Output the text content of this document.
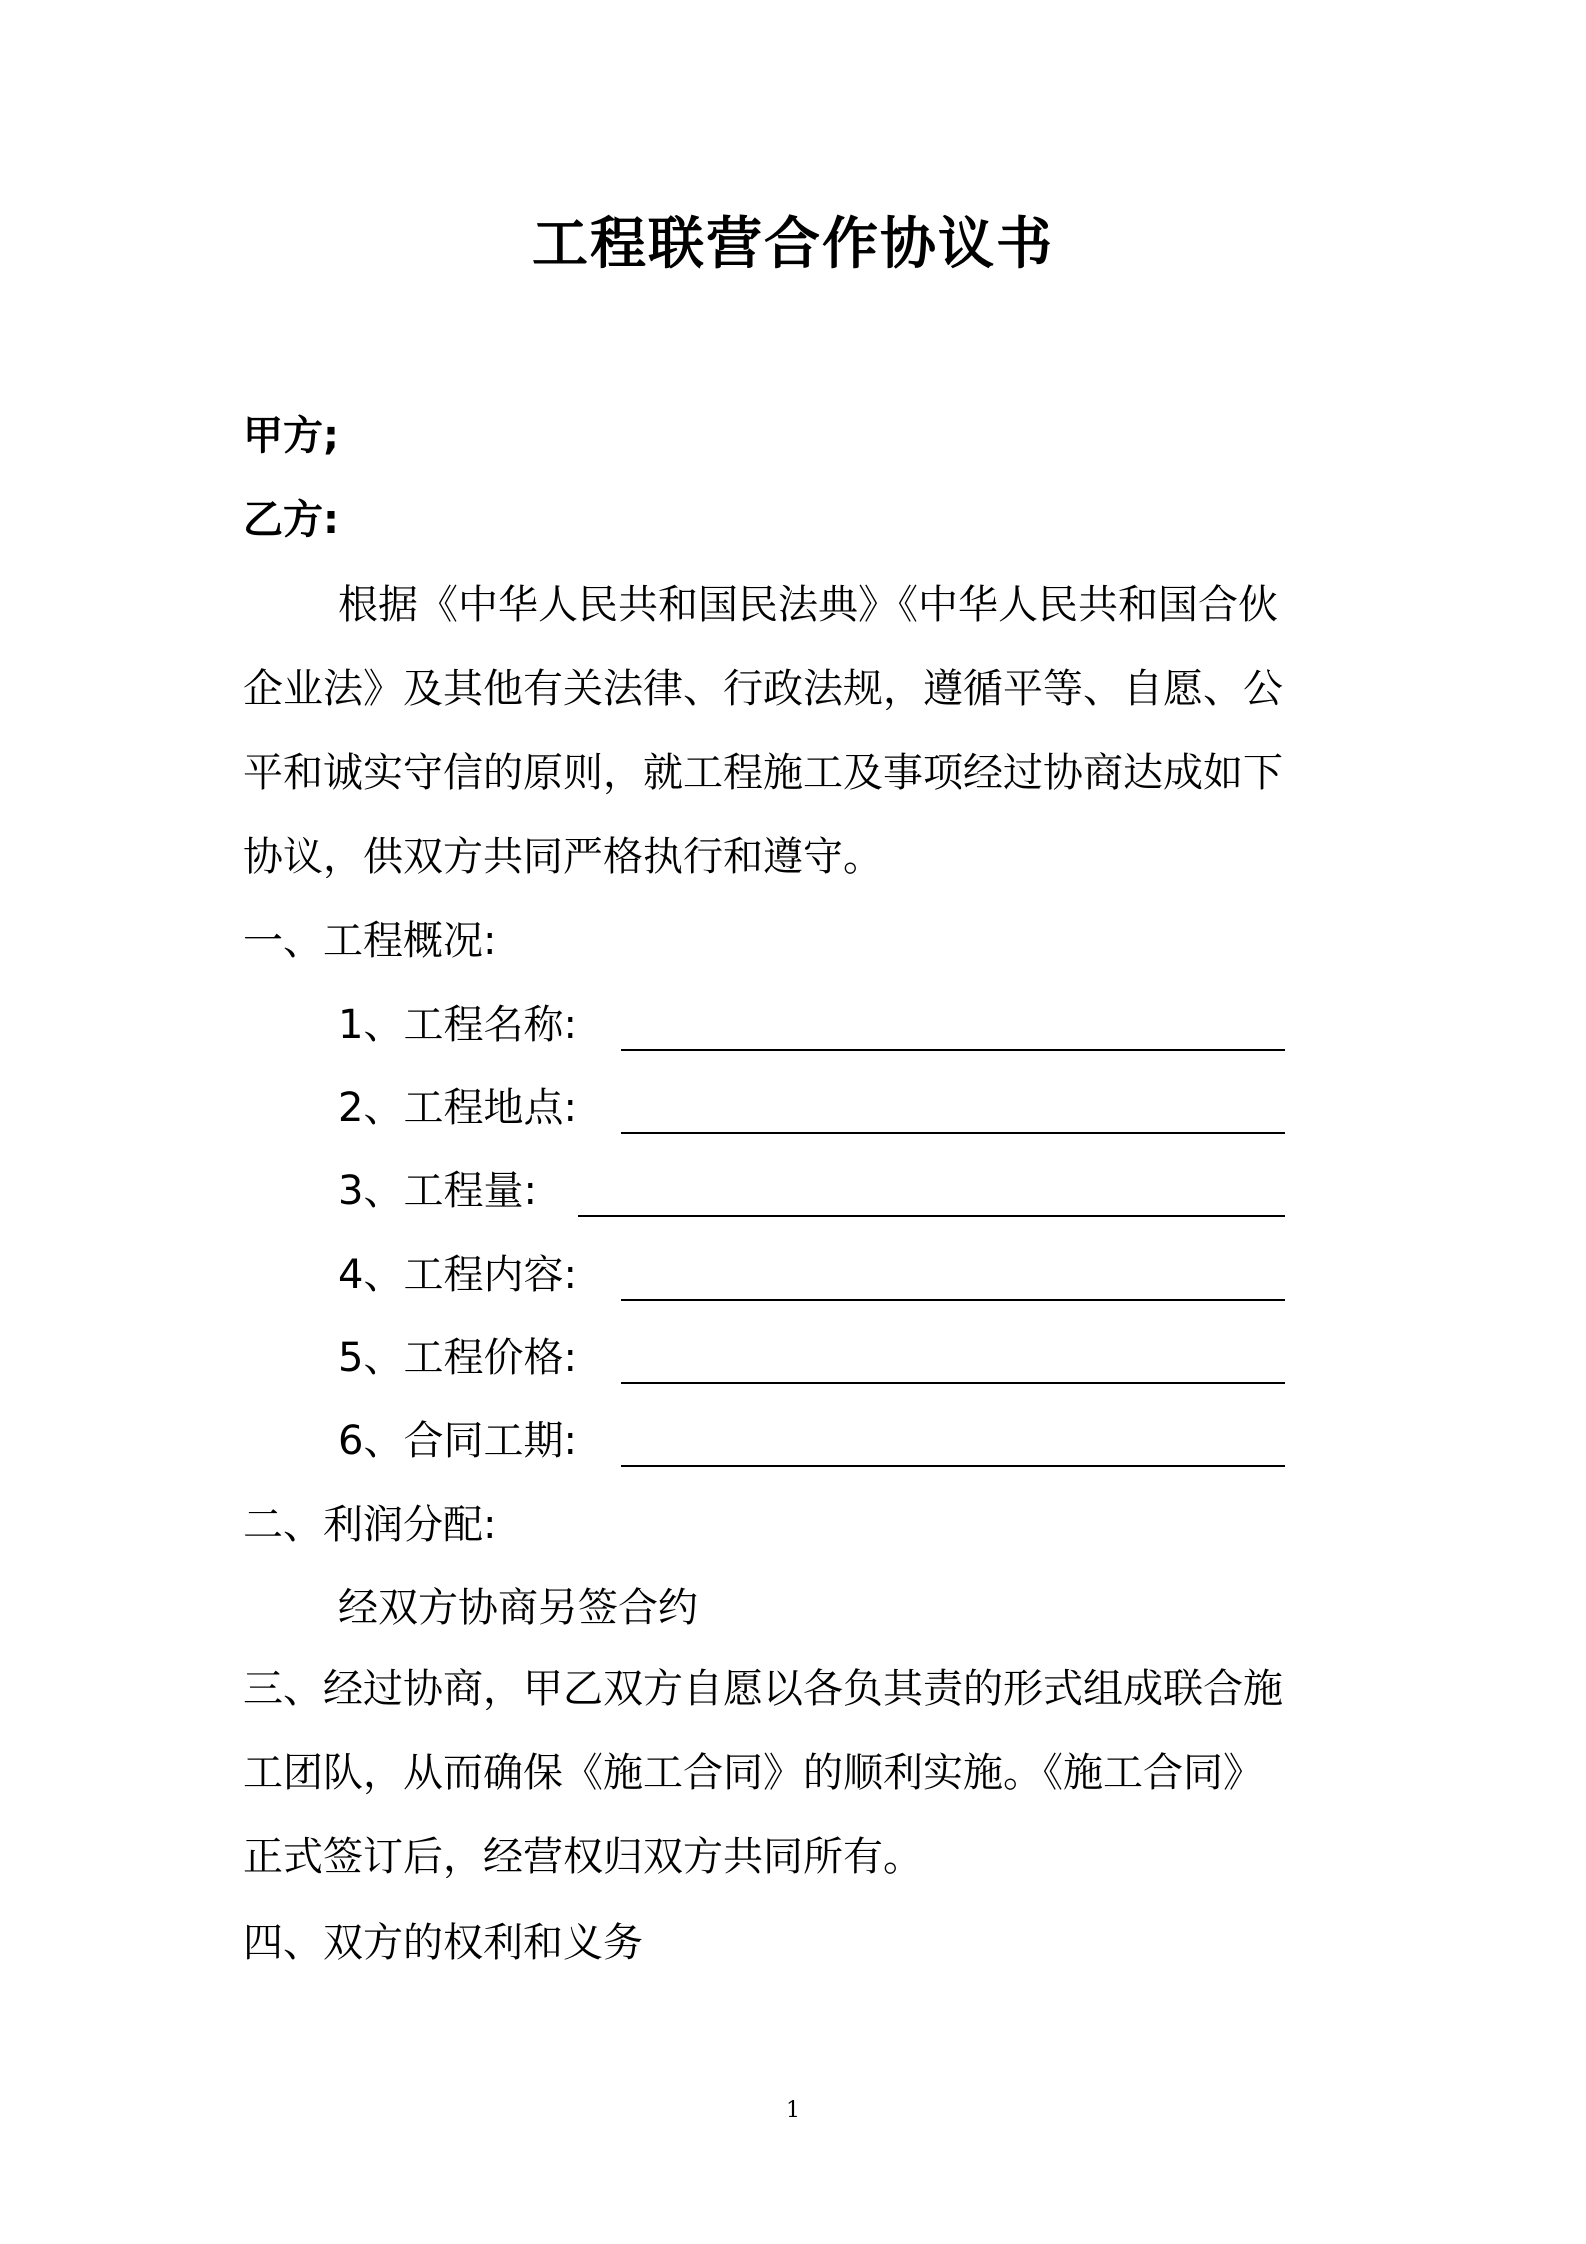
工程联营合作协议书
甲方;
乙方:
根据《中华人民共和国民法典》《中华人民共和国合伙
企业法》及其他有关法律、行政法规，遵循平等、自愿、公
平和诚实守信的原则，就工程施工及事项经过协商达成如下
协议，供双方共同严格执行和遵守。
一、工程概况:
1、工程名称:
2、工程地点:
3、工程量:
4、工程内容:
5、工程价格:
6、合同工期:
二、利润分配:
经双方协商另签合约
三、经过协商，甲乙双方自愿以各负其责的形式组成联合施
工团队，从而确保《施工合同》的顺利实施。《施工合同》
正式签订后，经营权归双方共同所有。
四、双方的权利和义务
1
